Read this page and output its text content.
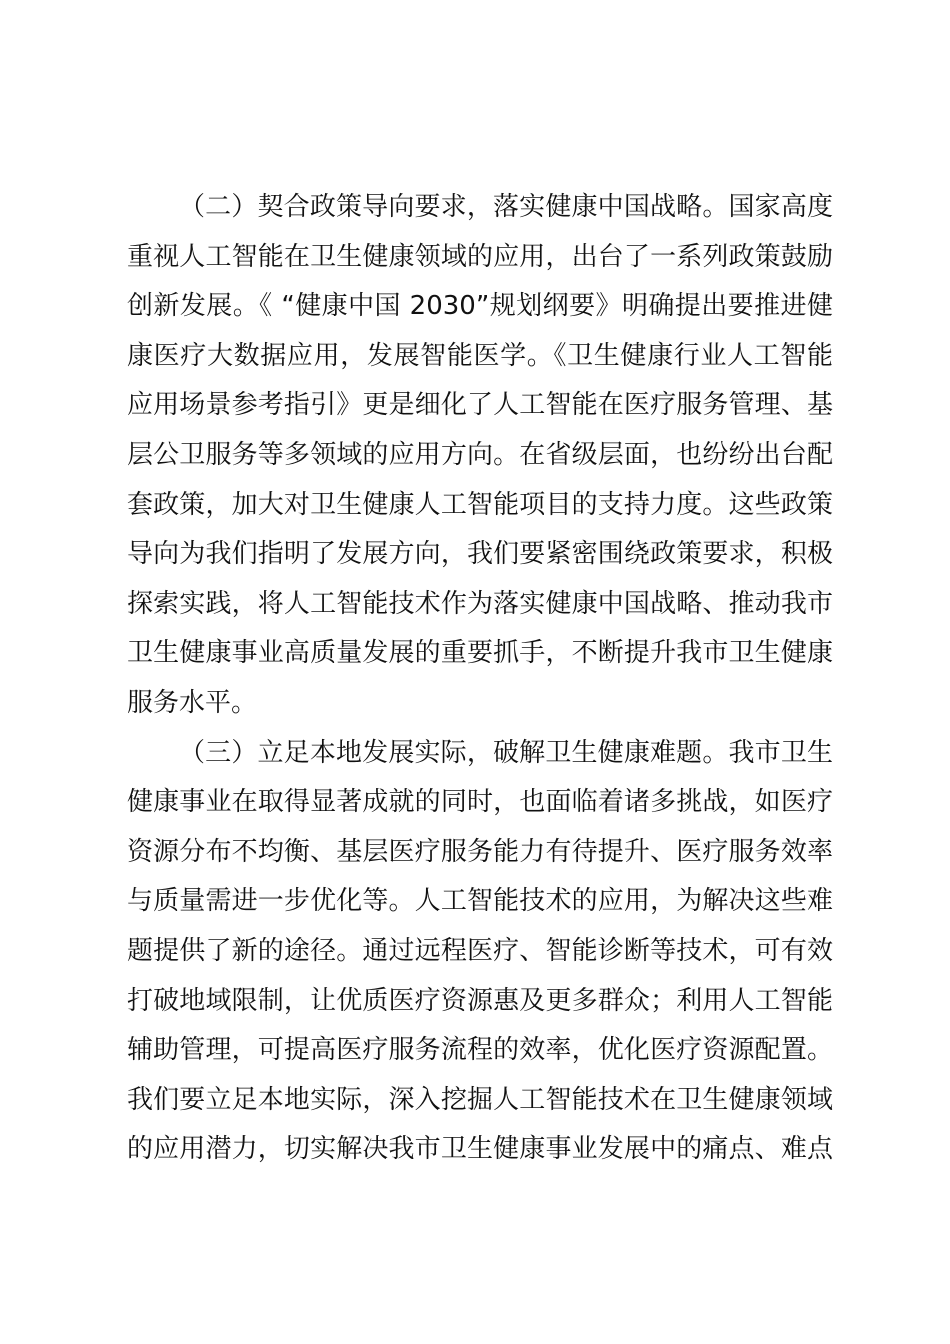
（二）契合政策导向要求，落实健康中国战略。国家高度
重视人工智能在卫生健康领域的应用，出台了一系列政策鼓励
创新发展。《 “健康中国 2030”规划纲要》明确提出要推进健
康医疗大数据应用，发展智能医学。《卫生健康行业人工智能
应用场景参考指引》更是细化了人工智能在医疗服务管理、基
层公卫服务等多领域的应用方向。在省级层面，也纷纷出台配
套政策，加大对卫生健康人工智能项目的支持力度。这些政策
导向为我们指明了发展方向，我们要紧密围绕政策要求，积极
探索实践，将人工智能技术作为落实健康中国战略、推动我市
卫生健康事业高质量发展的重要抓手，不断提升我市卫生健康
服务水平。
（三）立足本地发展实际，破解卫生健康难题。我市卫生
健康事业在取得显著成就的同时，也面临着诸多挑战，如医疗
资源分布不均衡、基层医疗服务能力有待提升、医疗服务效率
与质量需进一步优化等。人工智能技术的应用，为解决这些难
题提供了新的途径。通过远程医疗、智能诊断等技术，可有效
打破地域限制，让优质医疗资源惠及更多群众；利用人工智能
辅助管理，可提高医疗服务流程的效率，优化医疗资源配置。
我们要立足本地实际，深入挖掘人工智能技术在卫生健康领域
的应用潜力，切实解决我市卫生健康事业发展中的痛点、难点
